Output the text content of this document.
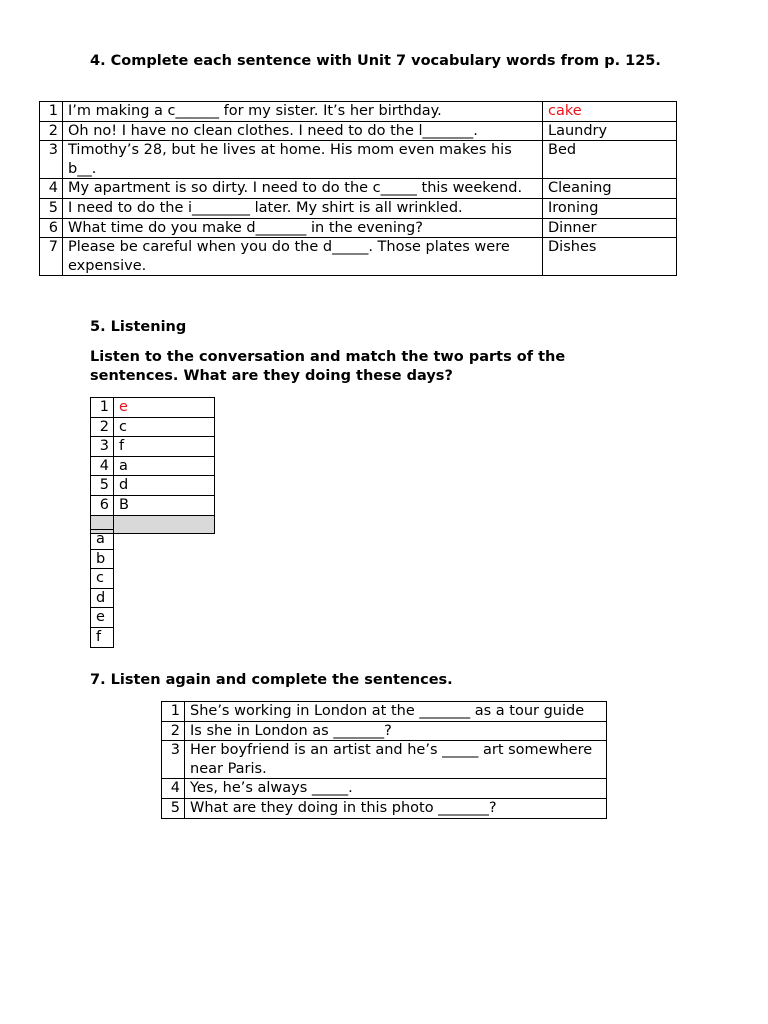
4. Complete each sentence with Unit 7 vocabulary words from p. 125.
1	I’m making a c______ for my sister. It’s her birthday.	cake
2	Oh no! I have no clean clothes. I need to do the l_______.	Laundry
3	Timothy’s 28, but he lives at home. His mom even makes his b__.	Bed
4	My apartment is so dirty. I need to do the c_____ this weekend.	Cleaning
5	I need to do the i________ later. My shirt is all wrinkled.	Ironing
6	What time do you make d_______ in the evening?	Dinner
7	Please be careful when you do the d_____. Those plates were expensive.	Dishes
5. Listening
Listen to the conversation and match the two parts of the sentences. What are they doing these days?
1	e
2	c
3	f
4	a
5	d
6	B

a
b
c
d
e
f
7. Listen again and complete the sentences.
1	She’s working in London at the _______ as a tour guide
2	Is she in London as _______?
3	Her boyfriend is an artist and he’s _____ art somewhere near Paris.
4	Yes, he’s always _____.
5	What are they doing in this photo _______?
